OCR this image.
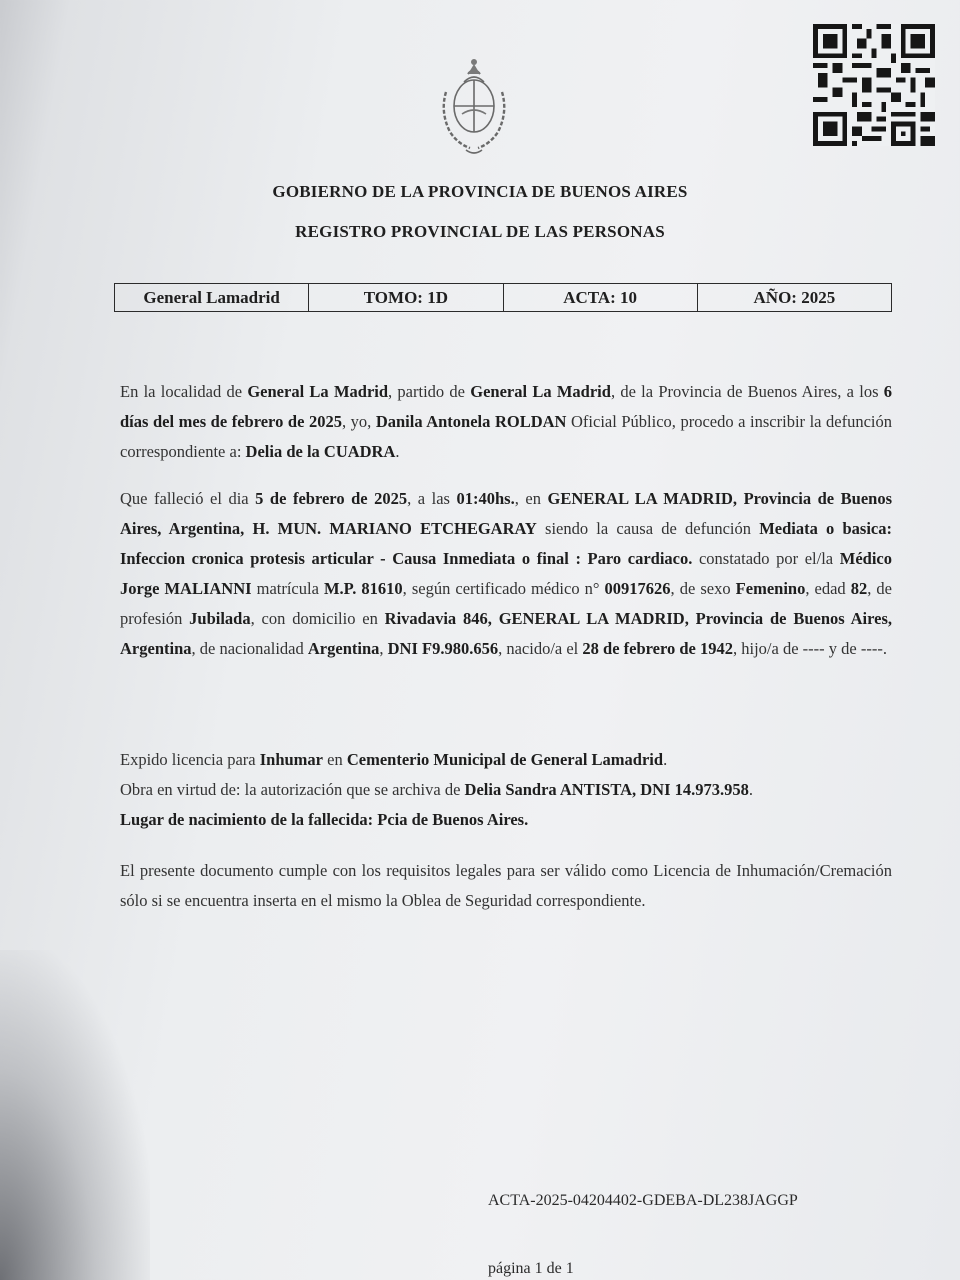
GOBIERNO DE LA PROVINCIA DE BUENOS AIRES
REGISTRO PROVINCIAL DE LAS PERSONAS
General Lamadrid	TOMO: 1D	ACTA: 10	AÑO: 2025

En la localidad de General La Madrid, partido de General La Madrid, de la Provincia de Buenos Aires, a los 6 días del mes de febrero de 2025, yo, Danila Antonela ROLDAN Oficial Público, procedo a inscribir la defunción correspondiente a: Delia de la CUADRA.

Que falleció el dia 5 de febrero de 2025, a las 01:40hs., en GENERAL LA MADRID, Provincia de Buenos Aires, Argentina, H. MUN. MARIANO ETCHEGARAY siendo la causa de defunción Mediata o basica: Infeccion cronica protesis articular - Causa Inmediata o final : Paro cardiaco. constatado por el/la Médico Jorge MALIANNI matrícula M.P. 81610, según certificado médico n° 00917626, de sexo Femenino, edad 82, de profesión Jubilada, con domicilio en Rivadavia 846, GENERAL LA MADRID, Provincia de Buenos Aires, Argentina, de nacionalidad Argentina, DNI F9.980.656, nacido/a el 28 de febrero de 1942, hijo/a de ---- y de ----.

Expido licencia para Inhumar en Cementerio Municipal de General Lamadrid.
Obra en virtud de: la autorización que se archiva de Delia Sandra ANTISTA, DNI 14.973.958.
Lugar de nacimiento de la fallecida: Pcia de Buenos Aires.

El presente documento cumple con los requisitos legales para ser válido como Licencia de Inhumación/Cremación sólo si se encuentra inserta en el mismo la Oblea de Seguridad correspondiente.

ACTA-2025-04204402-GDEBA-DL238JAGGP
página 1 de 1
